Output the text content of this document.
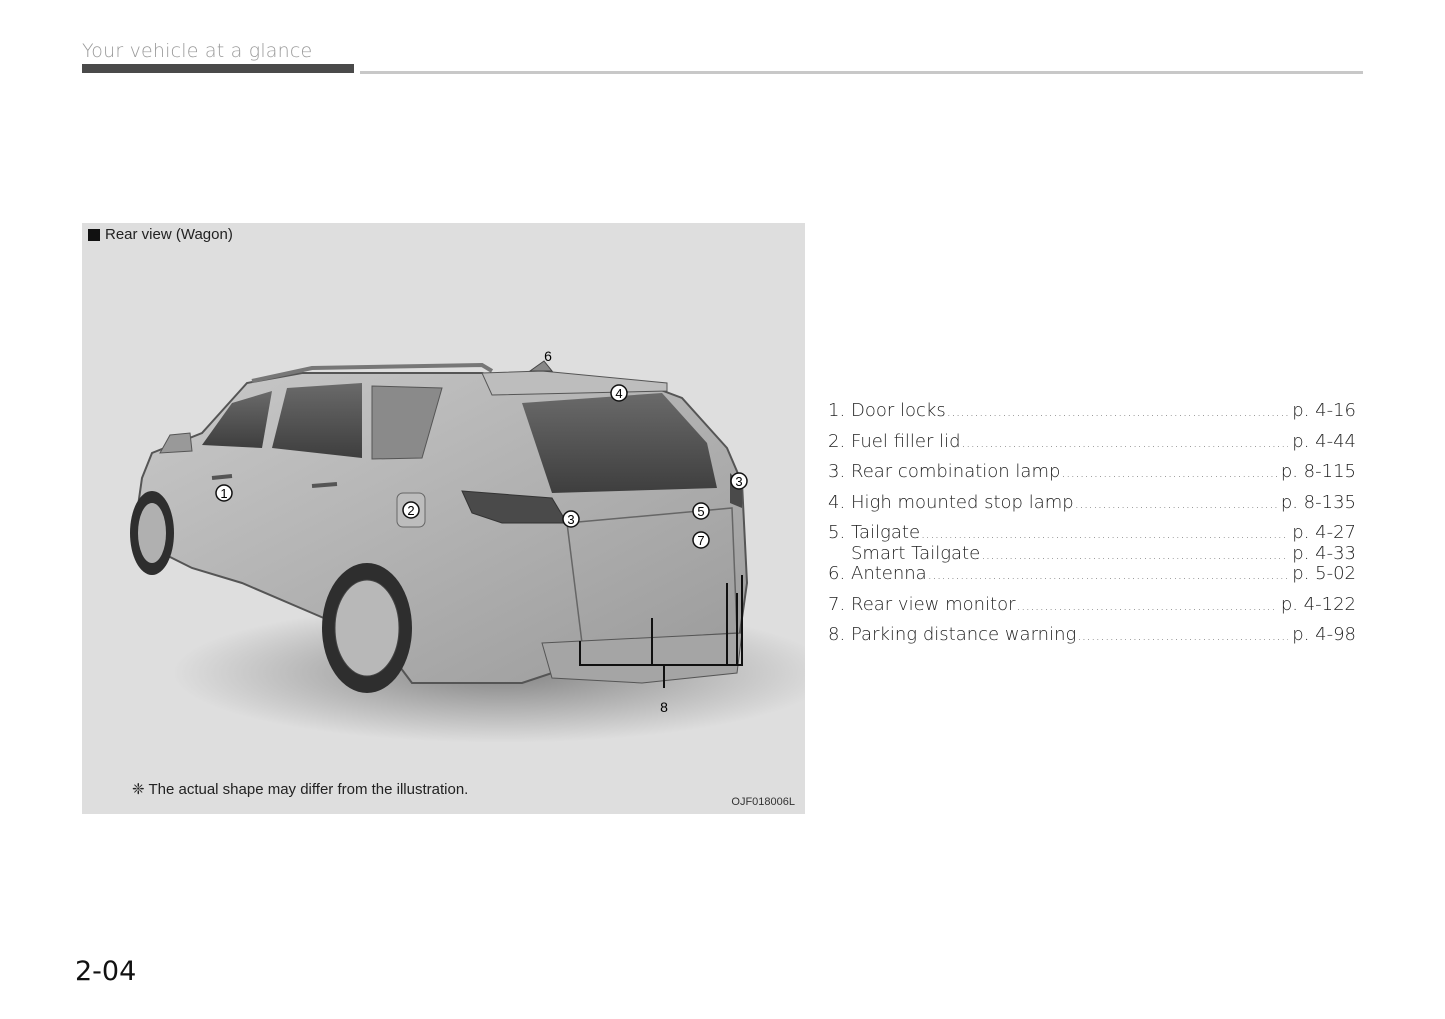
Your vehicle at a glance
Rear view (Wagon)
1
2
3
3
4
5
6
7
8
❈ The actual shape may differ from the illustration.
OJF018006L
1. Door locks .....	p. 4-16
2. Fuel filler lid .....	p. 4-44
3. Rear combination lamp .....	p. 8-115
4. High mounted stop lamp .....	p. 8-135
5. Tailgate .....	p. 4-27
Smart Tailgate .....	p. 4-33
6. Antenna .....	p. 5-02
7. Rear view monitor .....	p. 4-122
8. Parking distance warning .....	p. 4-98
2-04
